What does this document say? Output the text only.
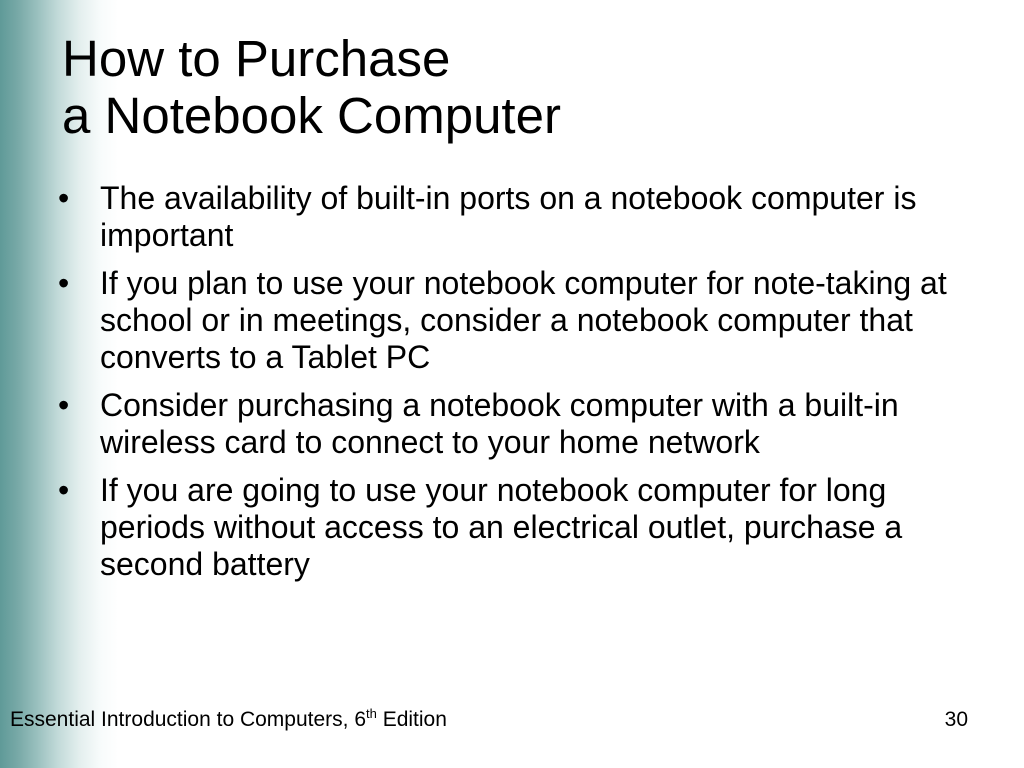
How to Purchase
a Notebook Computer
• The availability of built-in ports on a notebook computer is important
• If you plan to use your notebook computer for note-taking at school or in meetings, consider a notebook computer that converts to a Tablet PC
• Consider purchasing a notebook computer with a built-in wireless card to connect to your home network
• If you are going to use your notebook computer for long periods without access to an electrical outlet, purchase a second battery
Essential Introduction to Computers, 6th Edition	30
